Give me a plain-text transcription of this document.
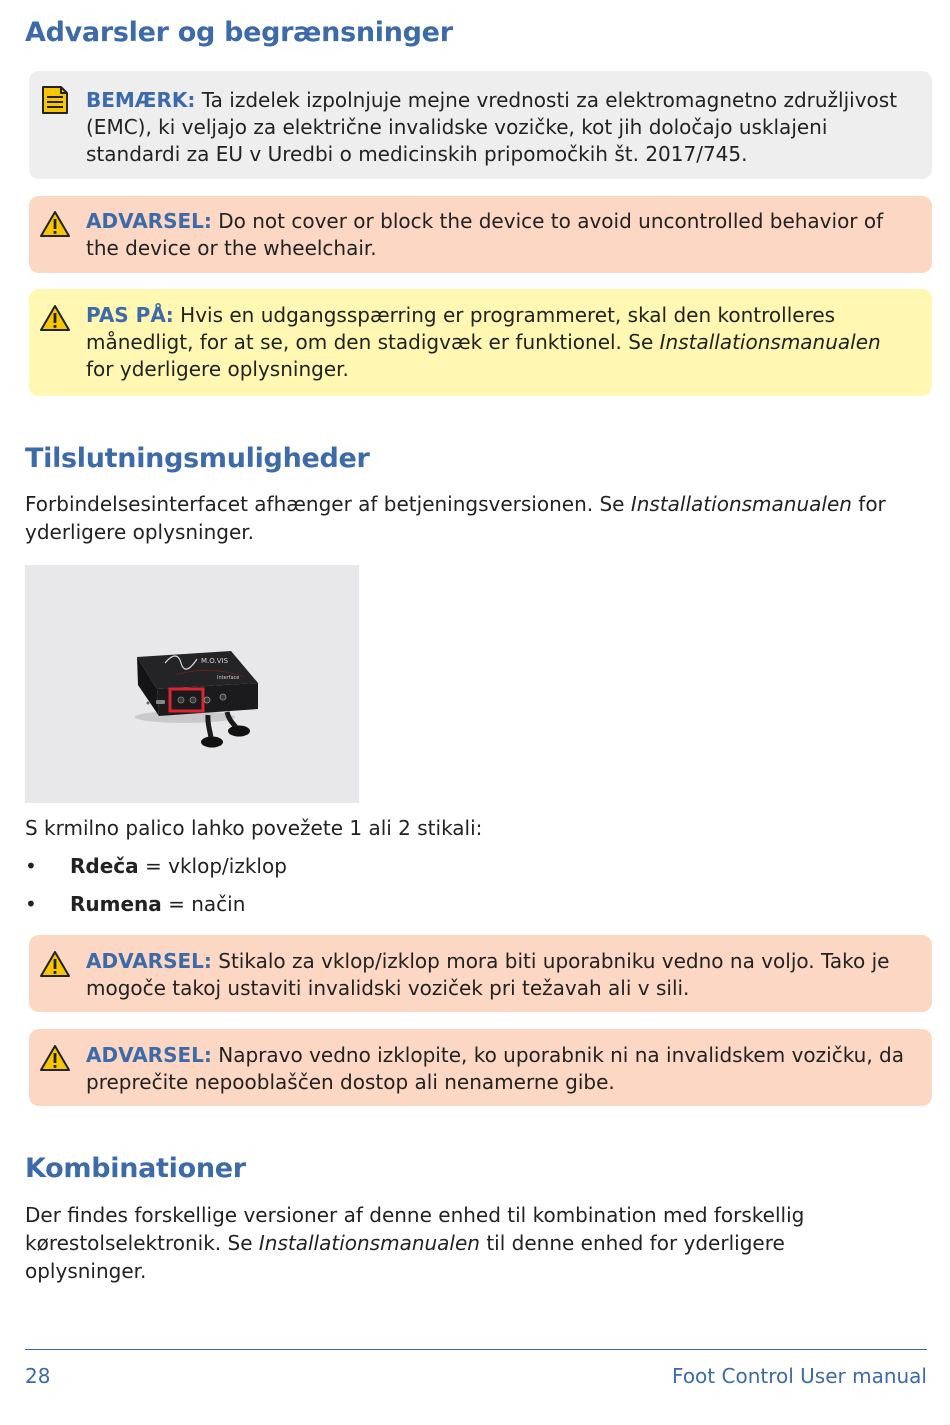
Advarsler og begrænsninger
BEMÆRK: Ta izdelek izpolnjuje mejne vrednosti za elektromagnetno združljivost (EMC), ki veljajo za električne invalidske vozičke, kot jih določajo usklajeni standardi za EU v Uredbi o medicinskih pripomočkih št. 2017/745.
ADVARSEL: Do not cover or block the device to avoid uncontrolled behavior of the device or the wheelchair.
PAS PÅ: Hvis en udgangsspærring er programmeret, skal den kontrolleres månedligt, for at se, om den stadigvæk er funktionel. Se Installationsmanualen for yderligere oplysninger.
Tilslutningsmuligheder

Forbindelsesinterfacet afhænger af betjeningsversionen. Se Installationsmanualen for yderligere oplysninger.

M.O.VIS
Interface

S krmilno palico lahko povežete 1 ali 2 stikali:

• Rdeča = vklop/izklop
• Rumena = način
ADVARSEL: Stikalo za vklop/izklop mora biti uporabniku vedno na voljo. Tako je mogoče takoj ustaviti invalidski voziček pri težavah ali v sili.
ADVARSEL: Napravo vedno izklopite, ko uporabnik ni na invalidskem vozičku, da preprečite nepooblaščen dostop ali nenamerne gibe.
Kombinationer

Der findes forskellige versioner af denne enhed til kombination med forskellig kørestolselektronik. Se Installationsmanualen til denne enhed for yderligere oplysninger.

28	Foot Control User manual
